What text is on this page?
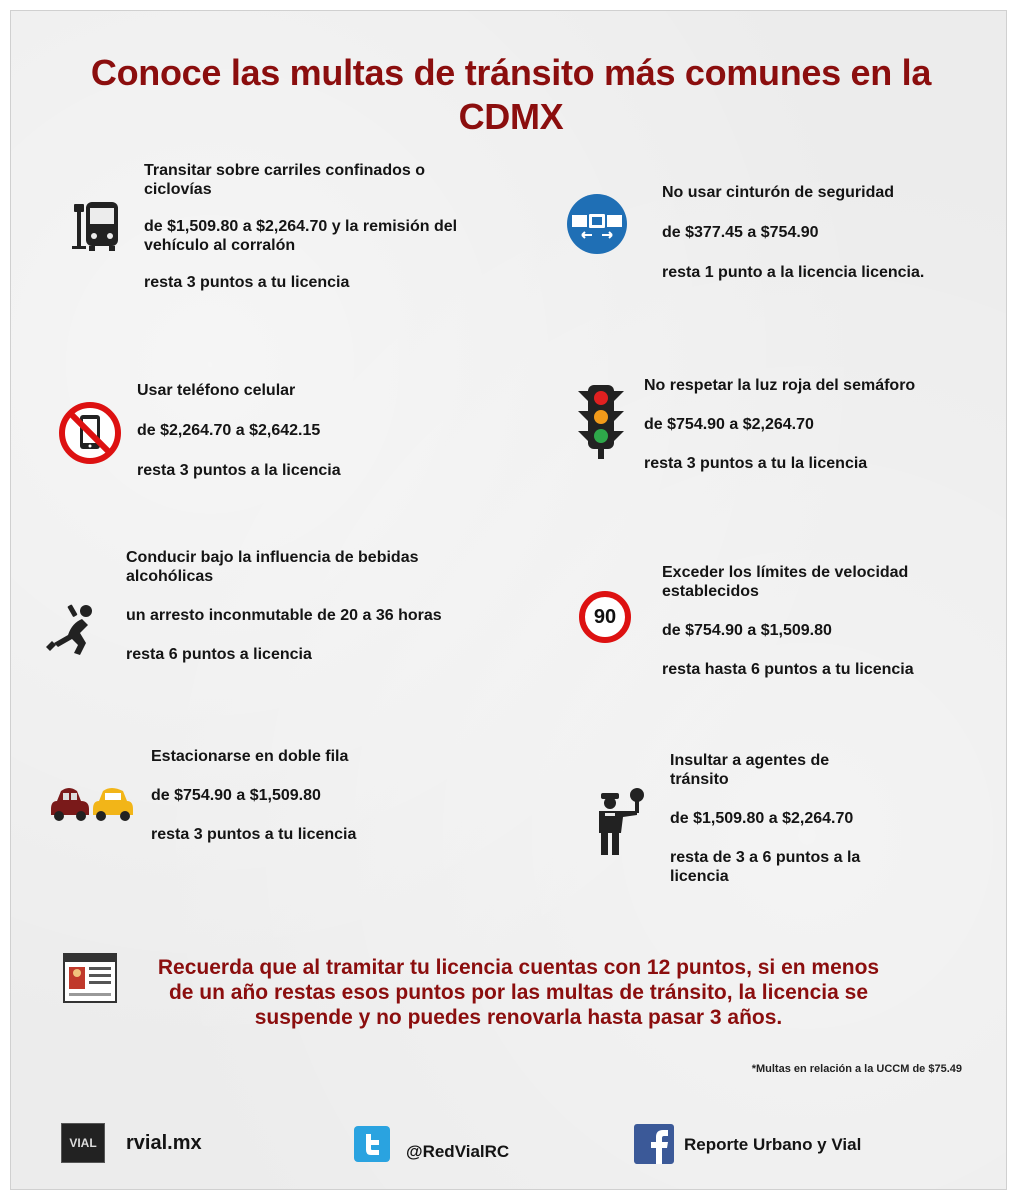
Conoce las multas de tránsito más comunes en la CDMX

Transitar sobre carriles confinados o ciclovías

de $1,509.80 a $2,264.70 y la remisión del vehículo al corralón

resta 3 puntos a tu licencia

No usar cinturón de seguridad

de $377.45 a $754.90

resta 1 punto a la licencia licencia.

Usar teléfono celular

de $2,264.70 a $2,642.15

resta 3 puntos a la licencia

No respetar la luz roja del semáforo

de $754.90 a $2,264.70

resta 3 puntos a tu la licencia

Conducir bajo la influencia de bebidas alcohólicas

un arresto inconmutable de 20 a 36 horas

resta 6 puntos a licencia

90

Exceder los límites de velocidad establecidos

de $754.90 a $1,509.80

resta hasta 6 puntos a tu licencia

Estacionarse en doble fila

de $754.90 a $1,509.80

resta 3 puntos a tu licencia

Insultar a agentes de tránsito

de $1,509.80 a $2,264.70

resta de 3 a 6 puntos a la licencia

Recuerda que al tramitar tu licencia cuentas con 12 puntos, si en menos de un año restas esos puntos por las multas de tránsito, la licencia se suspende y no puedes renovarla hasta pasar 3 años.
*Multas en relación a la UCCM de $75.49
VIAL	rvial.mx	@RedVialRC	Reporte Urbano y Vial
